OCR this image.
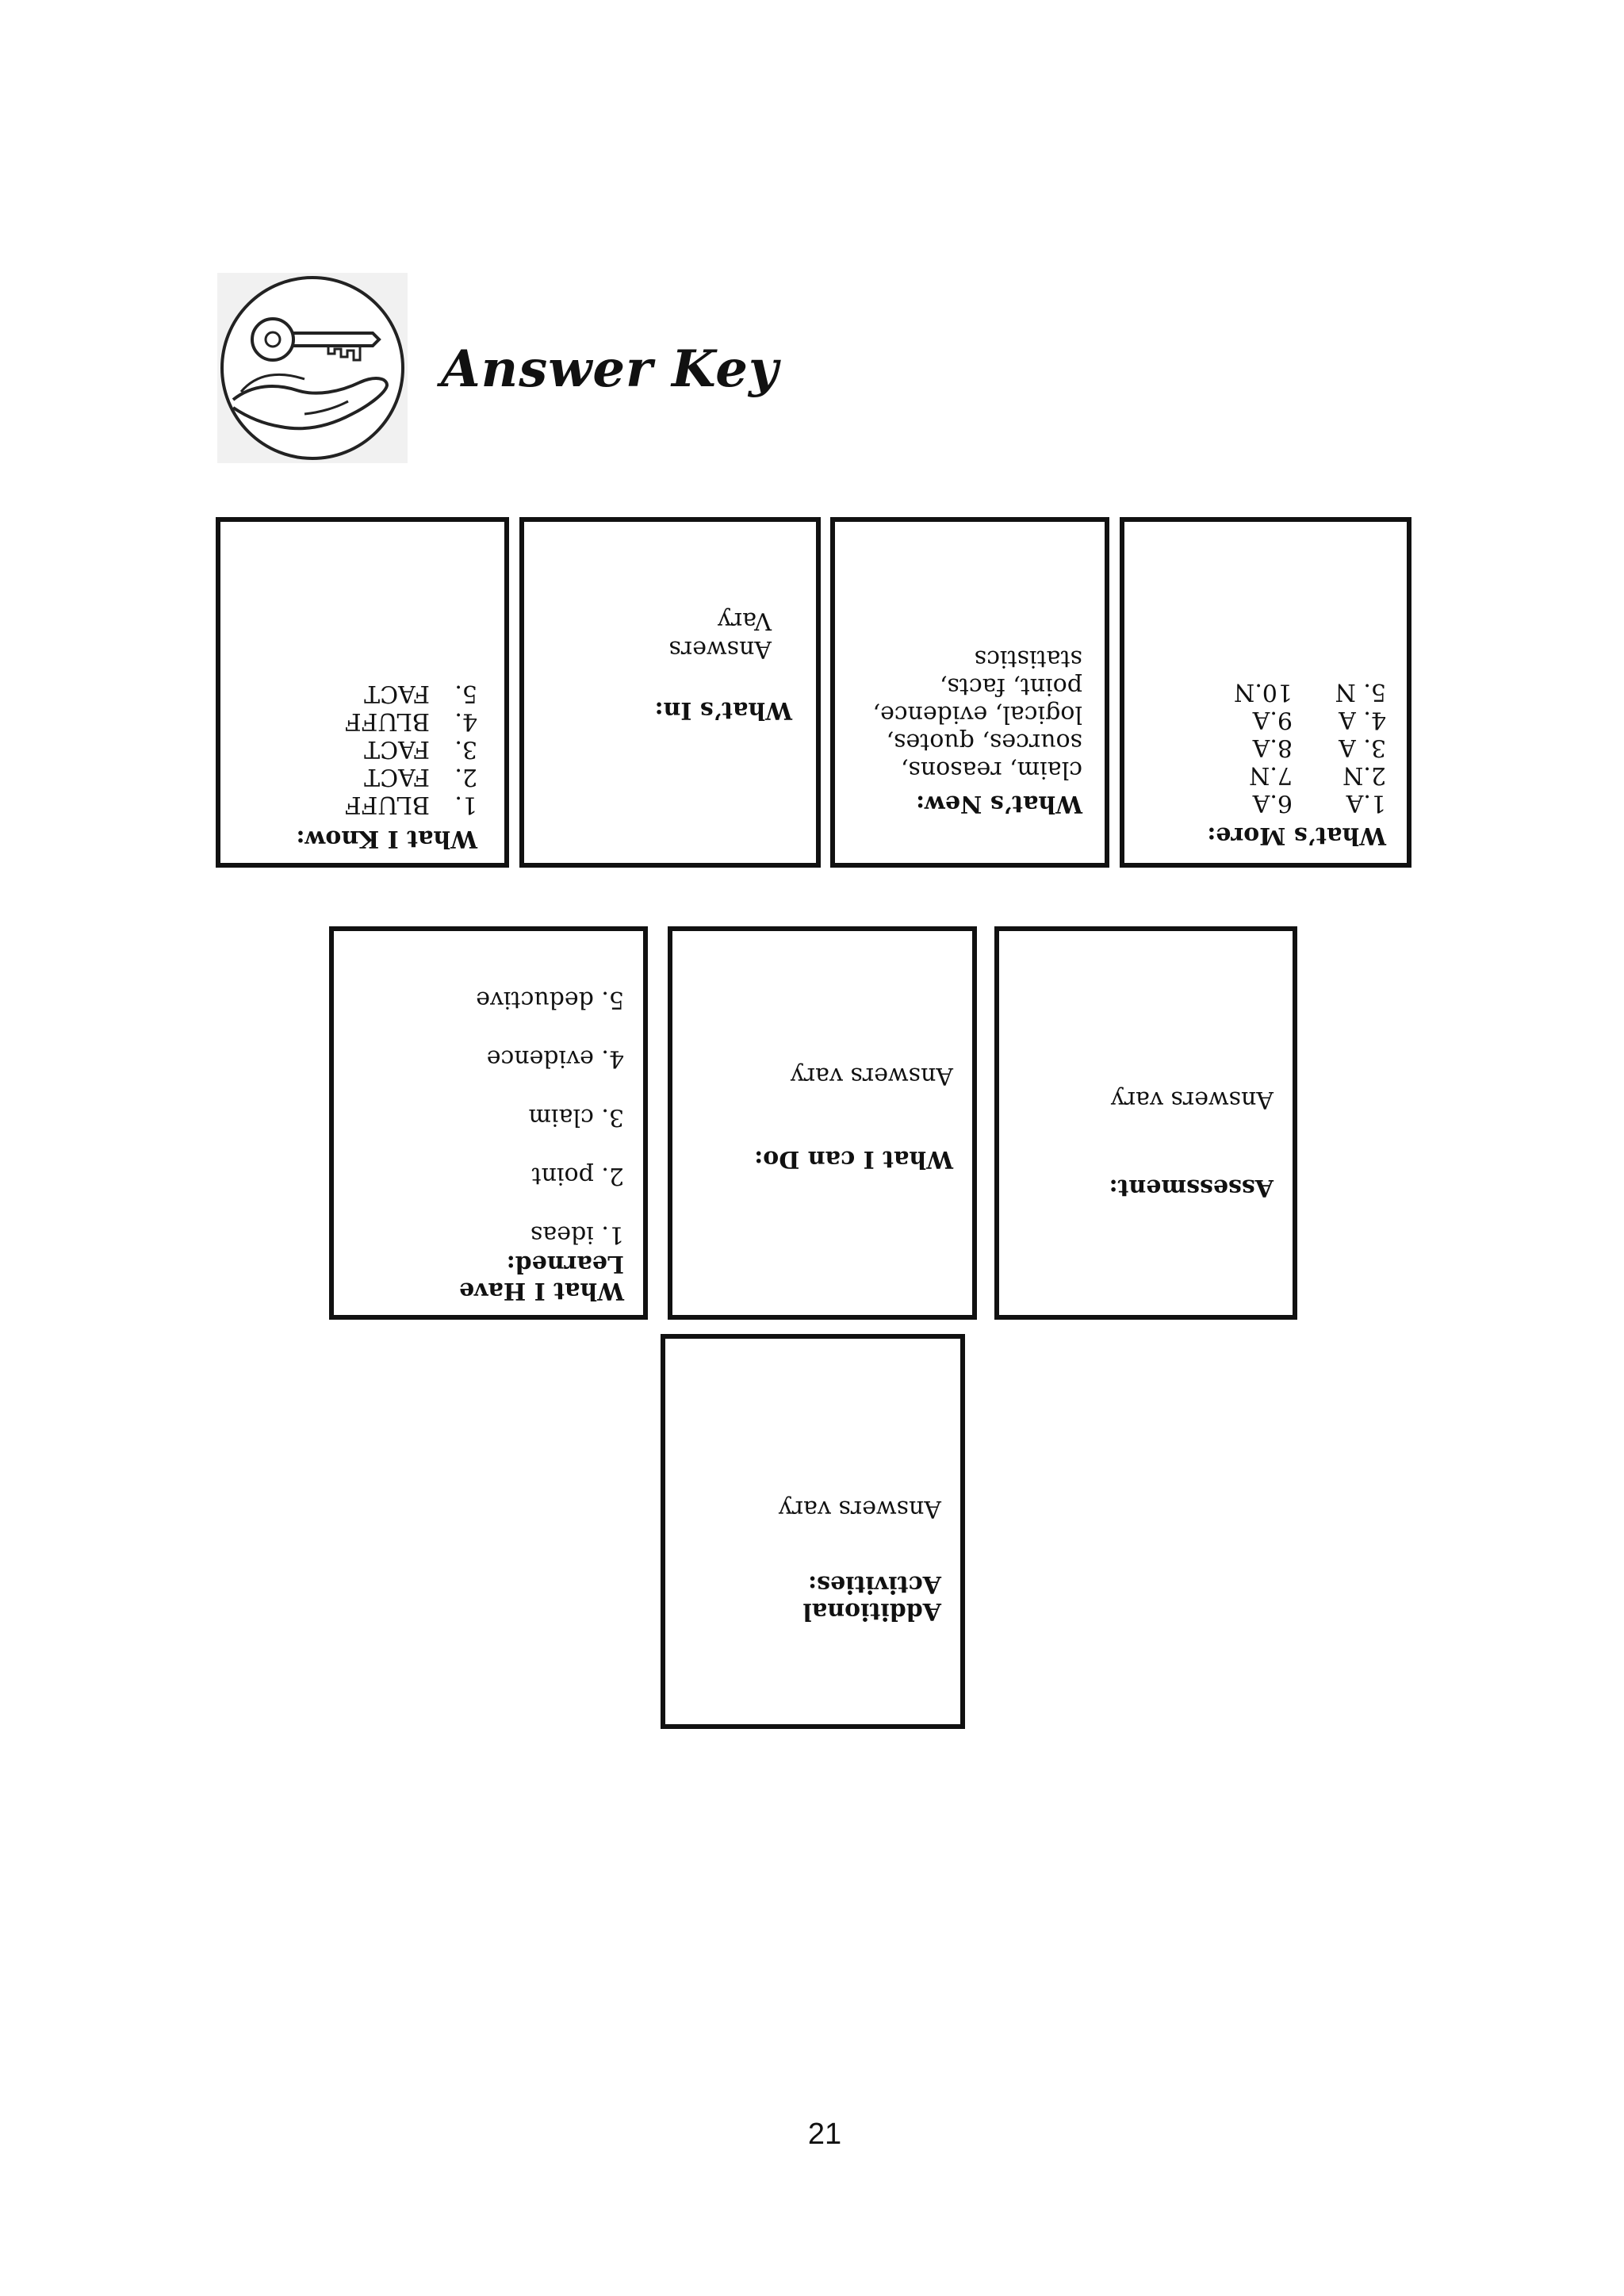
Answer Key
What I Know:
1.BLUFF
2.FACT
3.FACT
4.BLUFF
5.FACT
What’s In:
Answers
Vary
What’s New:
claim, reasons,
sources, quotes,
logical, evidence,
point, facts,
statistics
What’s More:
1.A
2.N
3. A
4. A
5. N
6.A
7.N
8.A
9.A
10.N
What I Have
Learned:
1. ideas
2. point
3. claim
4. evidence
5. deductive
What I can Do:
Answers vary
Assessment:
Answers vary
Additional
Activities:
Answers vary
21
